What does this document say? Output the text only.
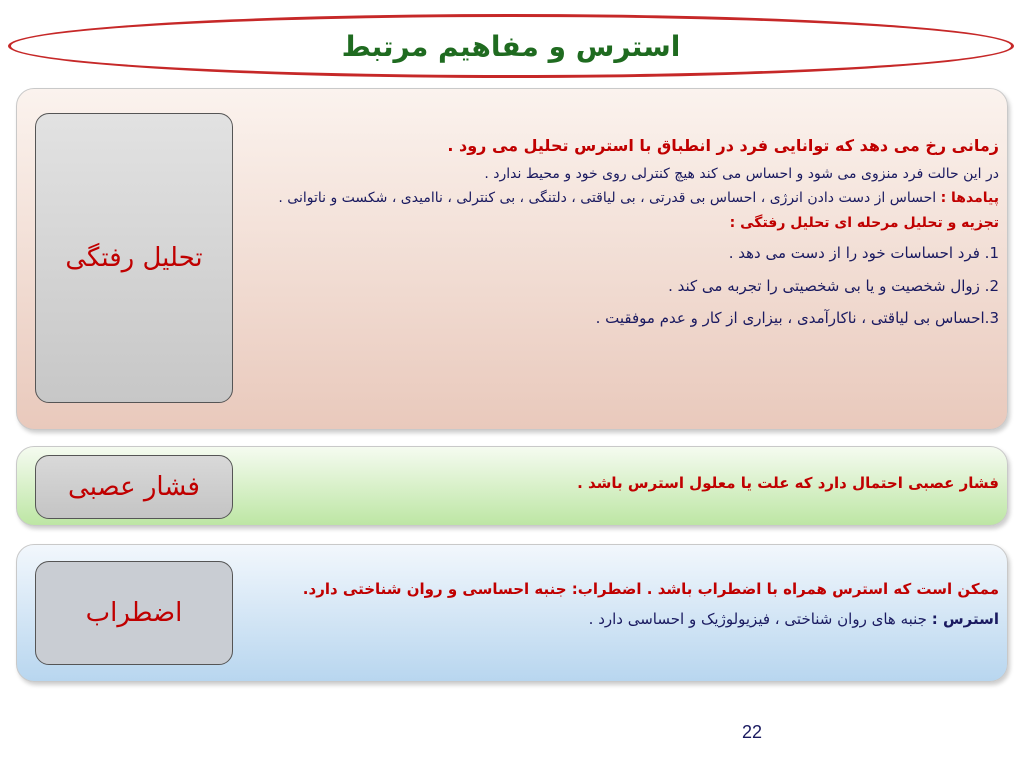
استرس و مفاهیم مرتبط
تحلیل رفتگی

زمانی رخ می دهد که توانایی فرد در انطباق با استرس تحلیل می رود .

در این حالت فرد منزوی می شود و احساس می کند هیچ کنترلی روی خود و محیط ندارد .

پیامدها : احساس از دست دادن انرژی ، احساس بی قدرتی ، بی لیاقتی ، دلتنگی ، بی کنترلی ، ناامیدی ، شکست و ناتوانی .

تجزیه و تحلیل مرحله ای تحلیل رفتگی :

1. فرد احساسات خود را از دست می دهد .

2. زوال شخصیت و یا بی شخصیتی را تجربه می کند .

3.احساس بی لیاقتی ، ناکارآمدی ، بیزاری از کار و عدم موفقیت .

فشار عصبی	فشار عصبی احتمال دارد که علت یا معلول استرس باشد .

اضطراب

ممکن است که استرس همراه با اضطراب باشد . اضطراب: جنبه احساسی و روان شناختی دارد.

استرس : جنبه های روان شناختی ، فیزیولوژیک و احساسی دارد .

22
